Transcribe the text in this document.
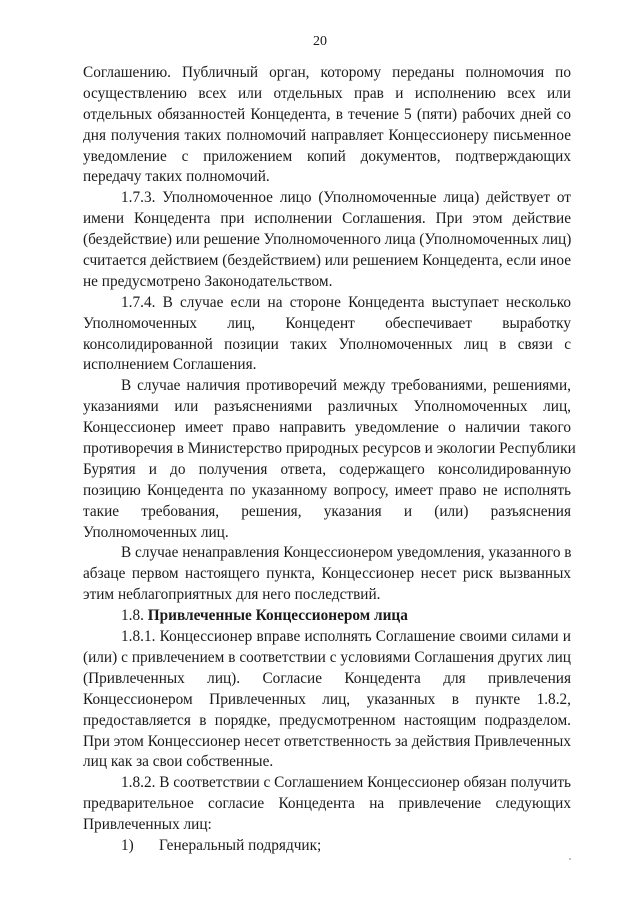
20
Соглашению. Публичный орган, которому переданы полномочия по
осуществлению всех или отдельных прав и исполнению всех или
отдельных обязанностей Концедента, в течение 5 (пяти) рабочих дней со
дня получения таких полномочий направляет Концессионеру письменное
уведомление с приложением копий документов, подтверждающих
передачу таких полномочий.
1.7.3. Уполномоченное лицо (Уполномоченные лица) действует от
имени Концедента при исполнении Соглашения. При этом действие
(бездействие) или решение Уполномоченного лица (Уполномоченных лиц)
считается действием (бездействием) или решением Концедента, если иное
не предусмотрено Законодательством.
1.7.4. В случае если на стороне Концедента выступает несколько
Уполномоченных лиц, Концедент обеспечивает выработку
консолидированной позиции таких Уполномоченных лиц в связи с
исполнением Соглашения.
В случае наличия противоречий между требованиями, решениями,
указаниями или разъяснениями различных Уполномоченных лиц,
Концессионер имеет право направить уведомление о наличии такого
противоречия в Министерство природных ресурсов и экологии Республики
Бурятия и до получения ответа, содержащего консолидированную
позицию Концедента по указанному вопросу, имеет право не исполнять
такие требования, решения, указания и (или) разъяснения
Уполномоченных лиц.
В случае ненаправления Концессионером уведомления, указанного в
абзаце первом настоящего пункта, Концессионер несет риск вызванных
этим неблагоприятных для него последствий.
1.8. Привлеченные Концессионером лица
1.8.1. Концессионер вправе исполнять Соглашение своими силами и
(или) с привлечением в соответствии с условиями Соглашения других лиц
(Привлеченных лиц). Согласие Концедента для привлечения
Концессионером Привлеченных лиц, указанных в пункте 1.8.2,
предоставляется в порядке, предусмотренном настоящим подразделом.
При этом Концессионер несет ответственность за действия Привлеченных
лиц как за свои собственные.
1.8.2. В соответствии с Соглашением Концессионер обязан получить
предварительное согласие Концедента на привлечение следующих
Привлеченных лиц:
1) Генеральный подрядчик;
